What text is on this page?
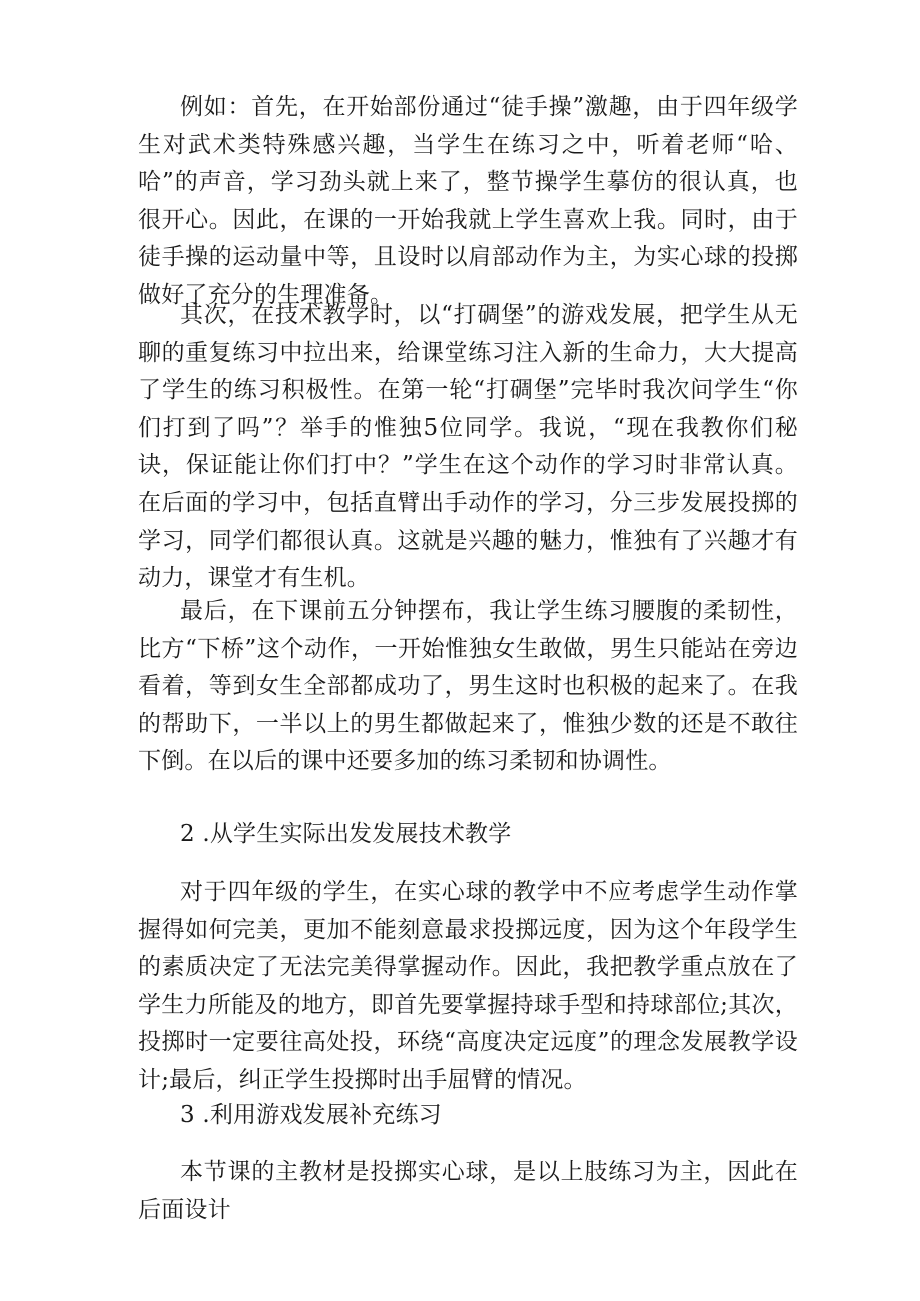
例如：首先，在开始部份通过“徒手操”激趣，由于四年级学生对武术类特殊感兴趣，当学生在练习之中，听着老师“哈、哈”的声音，学习劲头就上来了，整节操学生摹仿的很认真，也很开心。因此，在课的一开始我就上学生喜欢上我。同时，由于徒手操的运动量中等，且设时以肩部动作为主，为实心球的投掷做好了充分的生理准备。

其次，在技术教学时，以“打碉堡”的游戏发展，把学生从无聊的重复练习中拉出来，给课堂练习注入新的生命力，大大提高了学生的练习积极性。在第一轮“打碉堡”完毕时我次问学生“你们打到了吗”？举手的惟独5位同学。我说，“现在我教你们秘诀，保证能让你们打中？”学生在这个动作的学习时非常认真。在后面的学习中，包括直臂出手动作的学习，分三步发展投掷的学习，同学们都很认真。这就是兴趣的魅力，惟独有了兴趣才有动力，课堂才有生机。

最后，在下课前五分钟摆布，我让学生练习腰腹的柔韧性，比方“下桥”这个动作，一开始惟独女生敢做，男生只能站在旁边看着，等到女生全部都成功了，男生这时也积极的起来了。在我的帮助下，一半以上的男生都做起来了，惟独少数的还是不敢往下倒。在以后的课中还要多加的练习柔韧和协调性。

2 .从学生实际出发发展技术教学

对于四年级的学生，在实心球的教学中不应考虑学生动作掌握得如何完美，更加不能刻意最求投掷远度，因为这个年段学生的素质决定了无法完美得掌握动作。因此，我把教学重点放在了学生力所能及的地方，即首先要掌握持球手型和持球部位;其次，投掷时一定要往高处投，环绕“高度决定远度”的理念发展教学设计;最后，纠正学生投掷时出手屈臂的情况。

3 .利用游戏发展补充练习

本节课的主教材是投掷实心球，是以上肢练习为主，因此在后面设计
